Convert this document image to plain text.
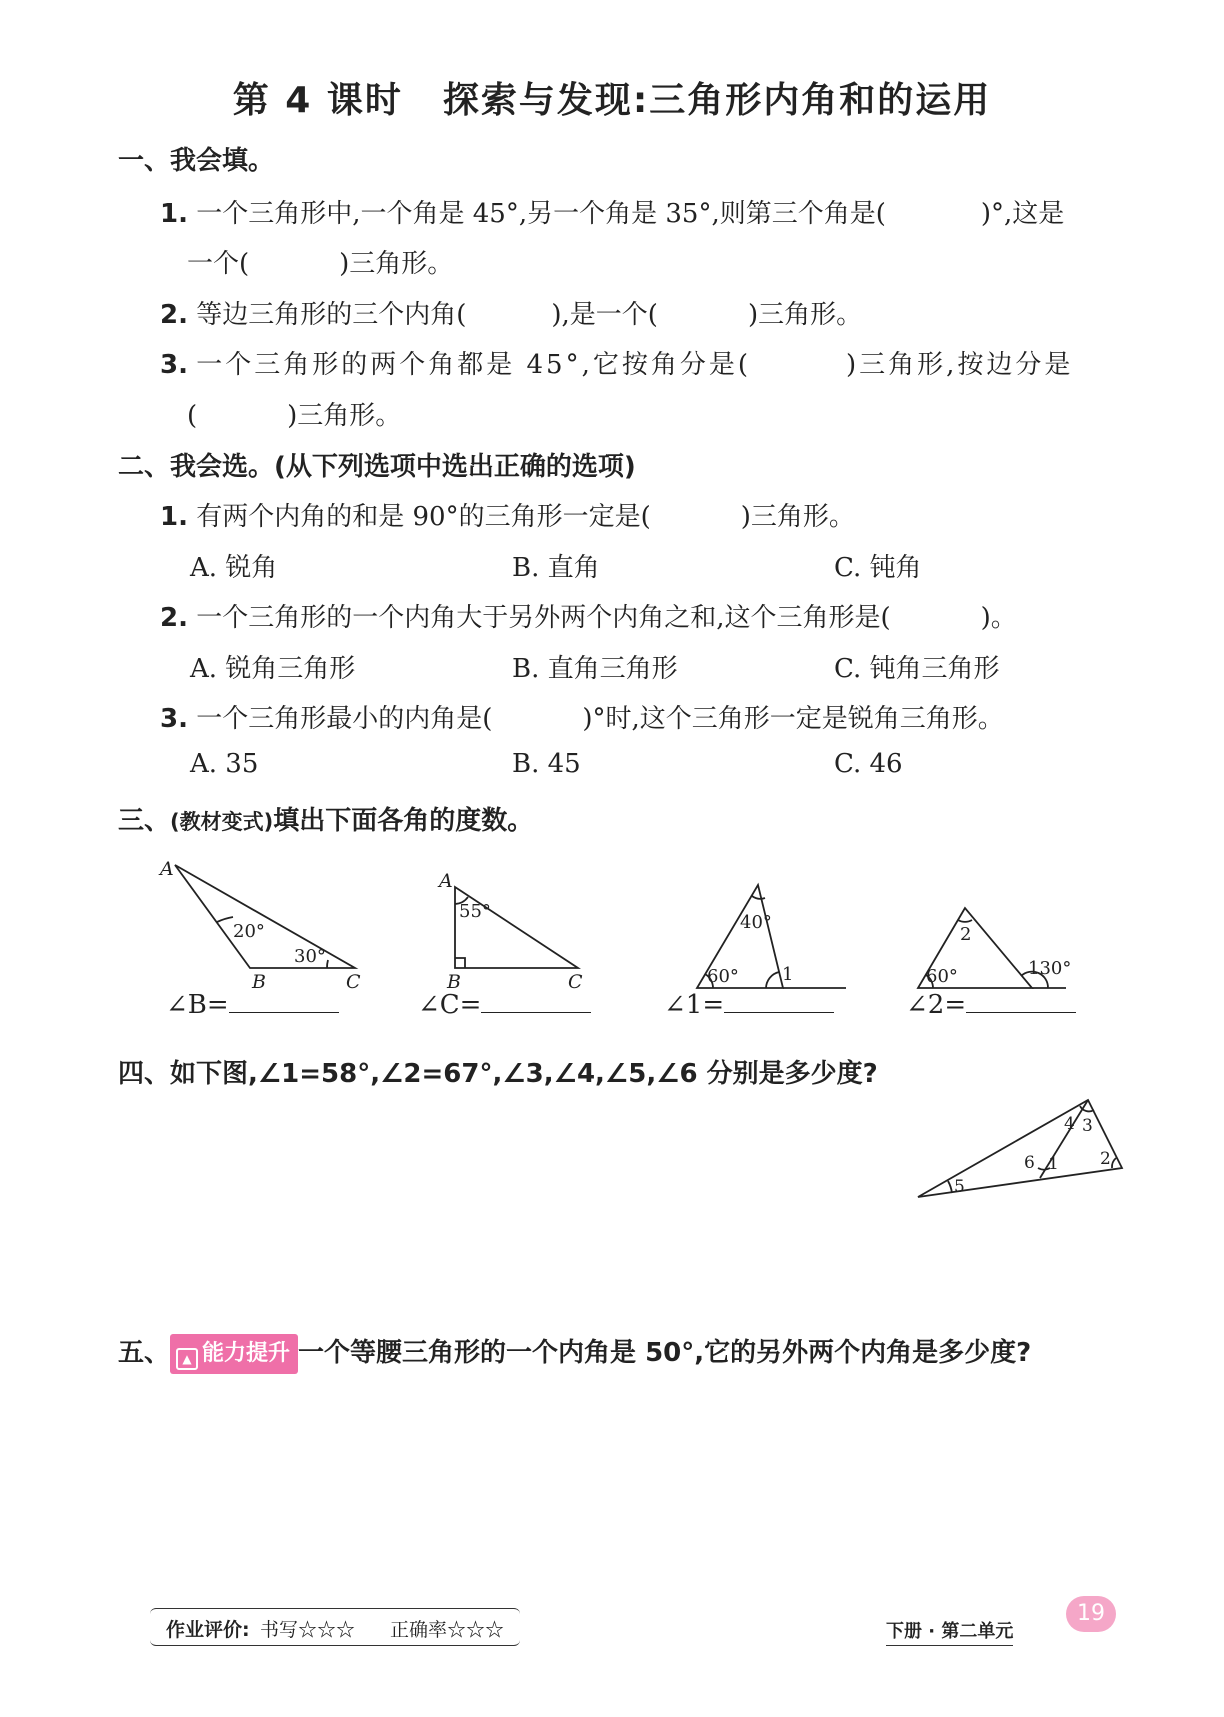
第 4 课时 探索与发现:三角形内角和的运用
一、我会填。
1. 一个三角形中,一个角是 45°,另一个角是 35°,则第三个角是(	)°,这是
一个(	)三角形。
2. 等边三角形的三个内角(	),是一个(	)三角形。
3. 一个三角形的两个角都是 45°,它按角分是(	)三角形,按边分是
(	)三角形。
二、我会选。(从下列选项中选出正确的选项)
1. 有两个内角的和是 90°的三角形一定是(	)三角形。
A. 锐角	B. 直角	C. 钝角
2. 一个三角形的一个内角大于另外两个内角之和,这个三角形是(	)。
A. 锐角三角形	B. 直角三角形	C. 钝角三角形
3. 一个三角形最小的内角是(	)°时,这个三角形一定是锐角三角形。
A. 35	B. 45	C. 46
三、(教材变式)填出下面各角的度数。
A
B	C
A
B	C
20°
30°
55°
40°
60° 1
2
60°	130°
∠B=	∠C=	∠1=	∠2=
四、如下图,∠1=58°,∠2=67°,∠3,∠4,∠5,∠6 分别是多少度?
4 3
6 1 2
5
五、 ▲ 能力提升 一个等腰三角形的一个内角是 50°,它的另外两个内角是多少度?
作业评价: 书写☆☆☆ 正确率☆☆☆	下册 · 第二单元
19
